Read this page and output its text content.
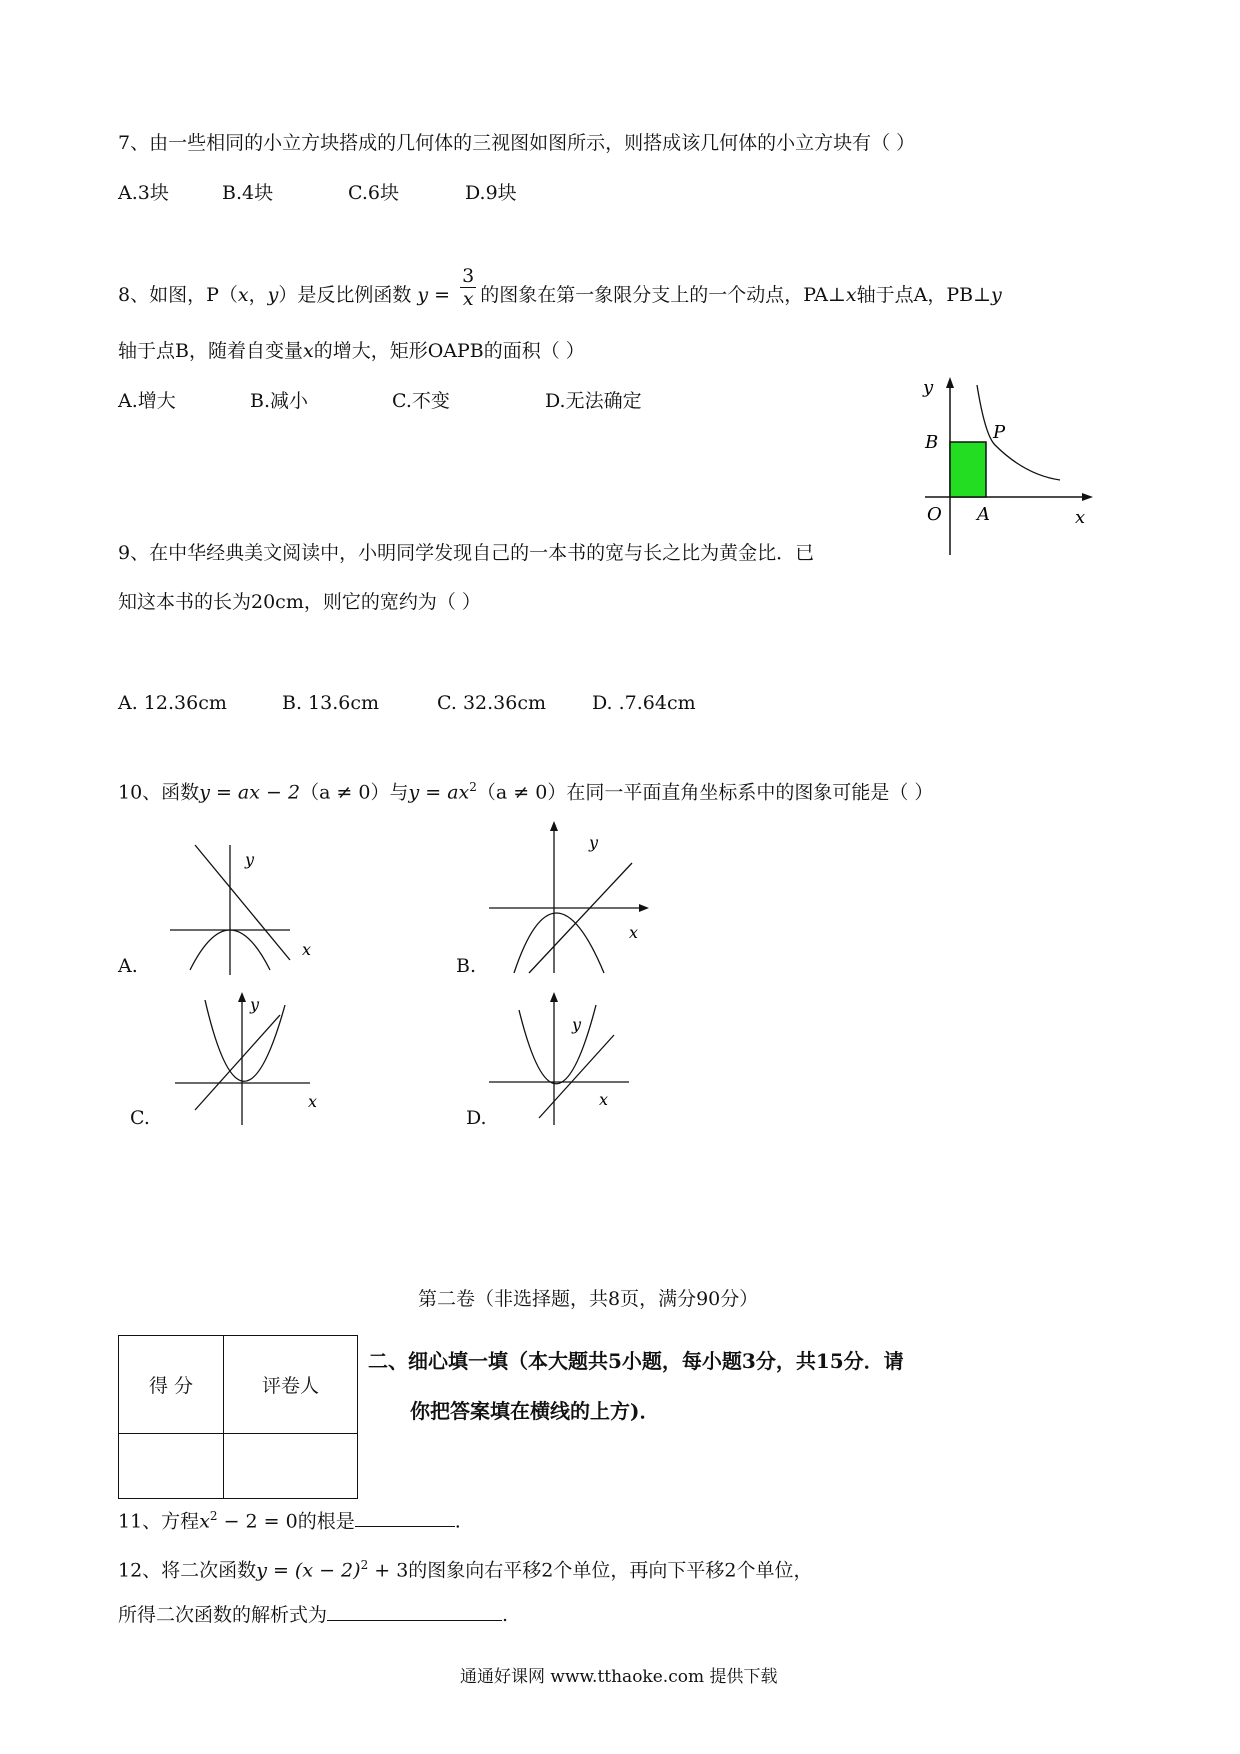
7、由一些相同的小立方块搭成的几何体的三视图如图所示，则搭成该几何体的小立方块有（ ）
A.3块	B.4块	C.6块	D.9块
8、如图，P（x，y）是反比例函数 $y = \frac{3}{x}$ 的图象在第一象限分支上的一个动点，PA⊥x轴于点A，PB⊥y
轴于点B，随着自变量x的增大，矩形OAPB的面积（ ）
A.增大	B.减小	C.不变	D.无法确定
y
B	P
O A	x
9、在中华经典美文阅读中，小明同学发现自己的一本书的宽与长之比为黄金比．已
知这本书的长为20cm，则它的宽约为（ ）
A. 12.36cm	B. 13.6cm	C. 32.36cm D. .7.64cm
10、函数y = ax − 2（a ≠ 0）与$y = ax^2(a \ne 0)$在同一平面直角坐标系中的图象可能是（ ）
A.
y
x
B.
y
x
C.
y
x
D.
y
x
第二卷（非选择题，共8页，满分90分）
得 分	评卷人

二、细心填一填（本大题共5小题，每小题3分，共15分．请
你把答案填在横线的上方)．
11、方程$x^2 - 2 = 0$的根是	.
12、将二次函数$y = (x - 2)^2 + 3$的图象向右平移2个单位，再向下平移2个单位，
所得二次函数的解析式为	.
通通好课网 www.tthaoke.com 提供下载
